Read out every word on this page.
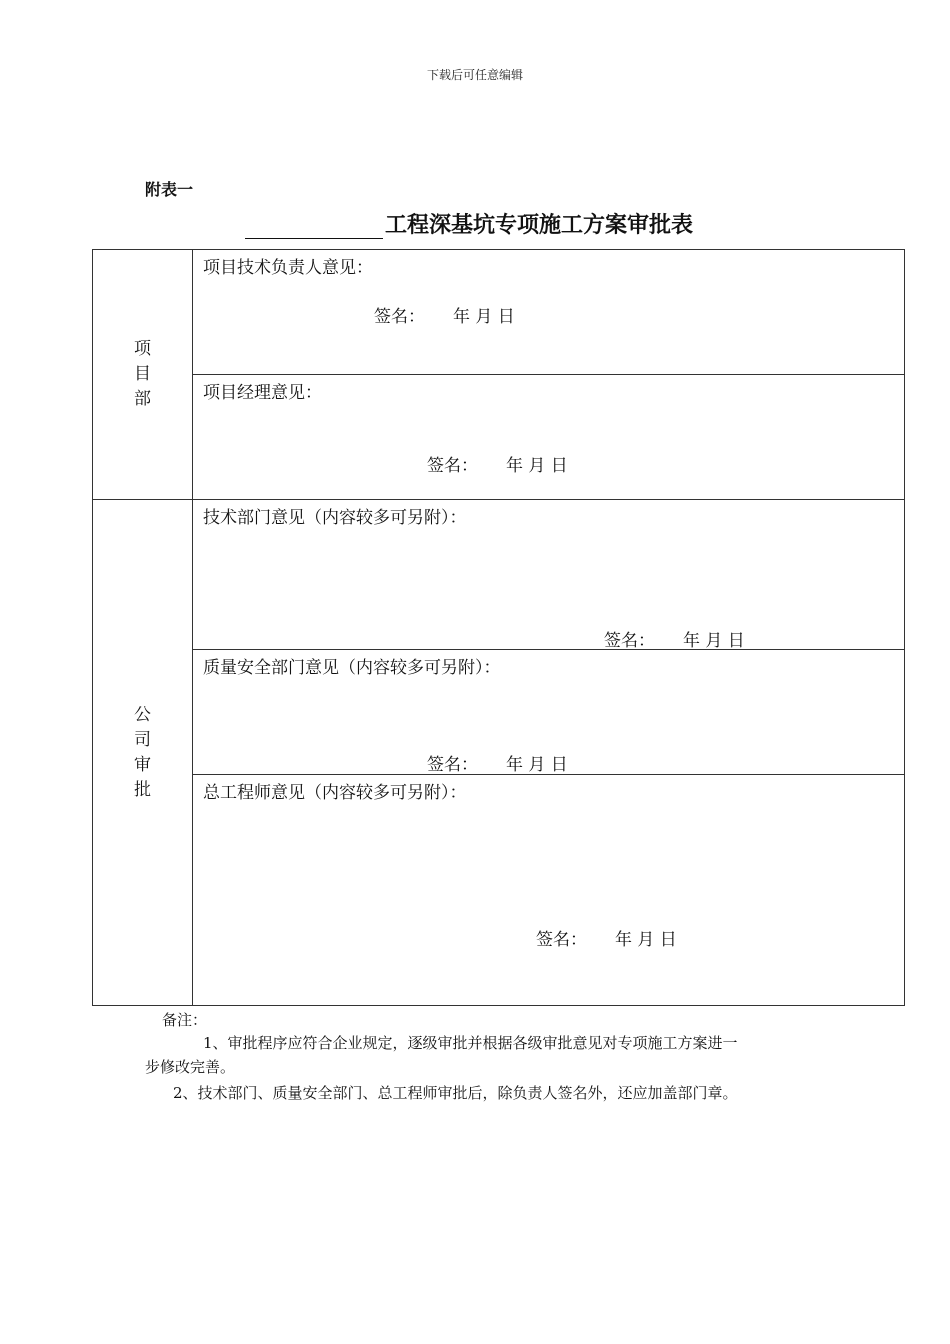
下载后可任意编辑
附表一
工程深基坑专项施工方案审批表
项
目
部	项目技术负责人意见：
签名： 年 月 日

	项目经理意见：
签名： 年 月 日

公
司
审
批	技术部门意见（内容较多可另附）：
签名： 年 月 日

	质量安全部门意见（内容较多可另附）：
签名： 年 月 日

	总工程师意见（内容较多可另附）：
签名： 年 月 日
备注：
1、审批程序应符合企业规定，逐级审批并根据各级审批意见对专项施工方案进一
步修改完善。
2、技术部门、质量安全部门、总工程师审批后，除负责人签名外，还应加盖部门章。
